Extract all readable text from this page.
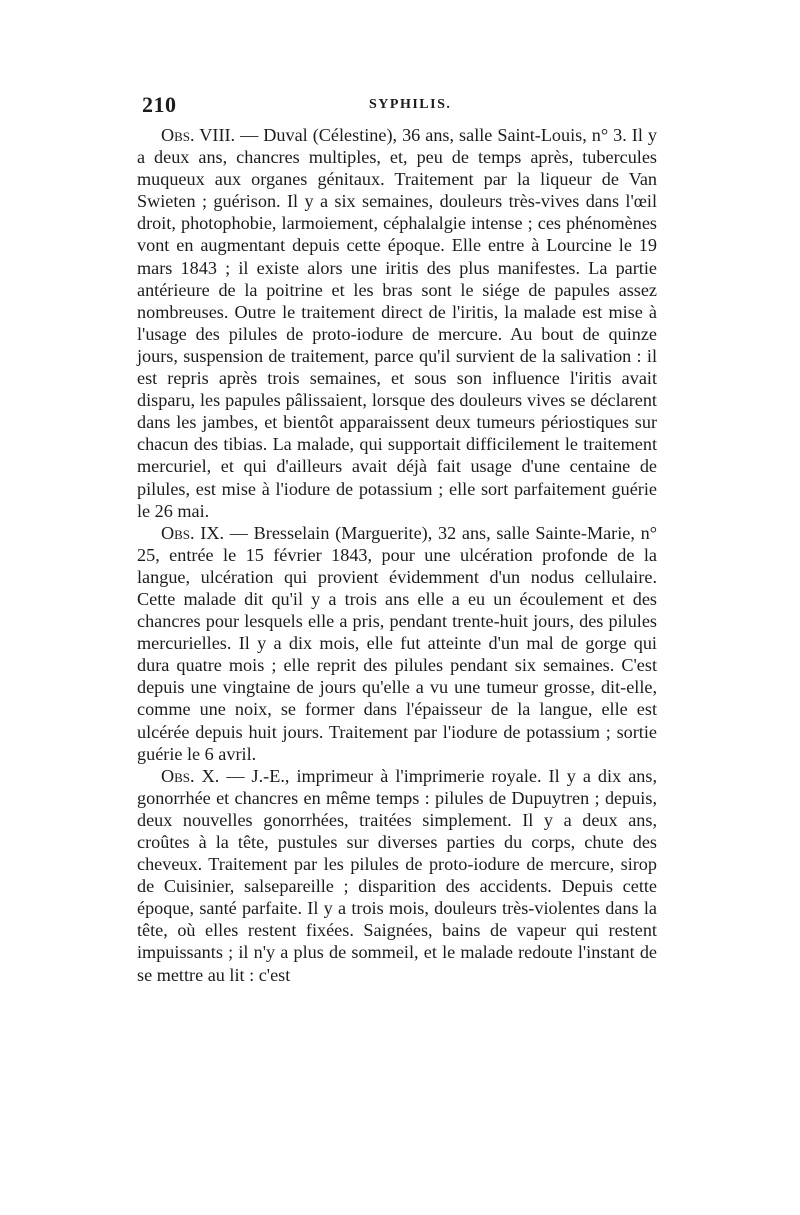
210	SYPHILIS.

Obs. VIII. — Duval (Célestine), 36 ans, salle Saint-Louis, n° 3. Il y a deux ans, chancres multiples, et, peu de temps après, tubercules muqueux aux organes génitaux. Traitement par la liqueur de Van Swieten ; guérison. Il y a six semaines, douleurs très-vives dans l'œil droit, photophobie, larmoiement, céphalalgie intense ; ces phénomènes vont en augmentant depuis cette époque. Elle entre à Lourcine le 19 mars 1843 ; il existe alors une iritis des plus manifestes. La partie antérieure de la poitrine et les bras sont le siége de papules assez nombreuses. Outre le traitement direct de l'iritis, la malade est mise à l'usage des pilules de proto-iodure de mercure. Au bout de quinze jours, suspension de traitement, parce qu'il survient de la salivation : il est repris après trois semaines, et sous son influence l'iritis avait disparu, les papules pâlissaient, lorsque des douleurs vives se déclarent dans les jambes, et bientôt apparaissent deux tumeurs périostiques sur chacun des tibias. La malade, qui supportait difficilement le traitement mercuriel, et qui d'ailleurs avait déjà fait usage d'une centaine de pilules, est mise à l'iodure de potassium ; elle sort parfaitement guérie le 26 mai.

Obs. IX. — Bresselain (Marguerite), 32 ans, salle Sainte-Marie, n° 25, entrée le 15 février 1843, pour une ulcération profonde de la langue, ulcération qui provient évidemment d'un nodus cellulaire. Cette malade dit qu'il y a trois ans elle a eu un écoulement et des chancres pour lesquels elle a pris, pendant trente-huit jours, des pilules mercurielles. Il y a dix mois, elle fut atteinte d'un mal de gorge qui dura quatre mois ; elle reprit des pilules pendant six semaines. C'est depuis une vingtaine de jours qu'elle a vu une tumeur grosse, dit-elle, comme une noix, se former dans l'épaisseur de la langue, elle est ulcérée depuis huit jours. Traitement par l'iodure de potassium ; sortie guérie le 6 avril.

Obs. X. — J.-E., imprimeur à l'imprimerie royale. Il y a dix ans, gonorrhée et chancres en même temps : pilules de Dupuytren ; depuis, deux nouvelles gonorrhées, traitées simplement. Il y a deux ans, croûtes à la tête, pustules sur diverses parties du corps, chute des cheveux. Traitement par les pilules de proto-iodure de mercure, sirop de Cuisinier, salsepareille ; disparition des accidents. Depuis cette époque, santé parfaite. Il y a trois mois, douleurs très-violentes dans la tête, où elles restent fixées. Saignées, bains de vapeur qui restent impuissants ; il n'y a plus de sommeil, et le malade redoute l'instant de se mettre au lit : c'est
